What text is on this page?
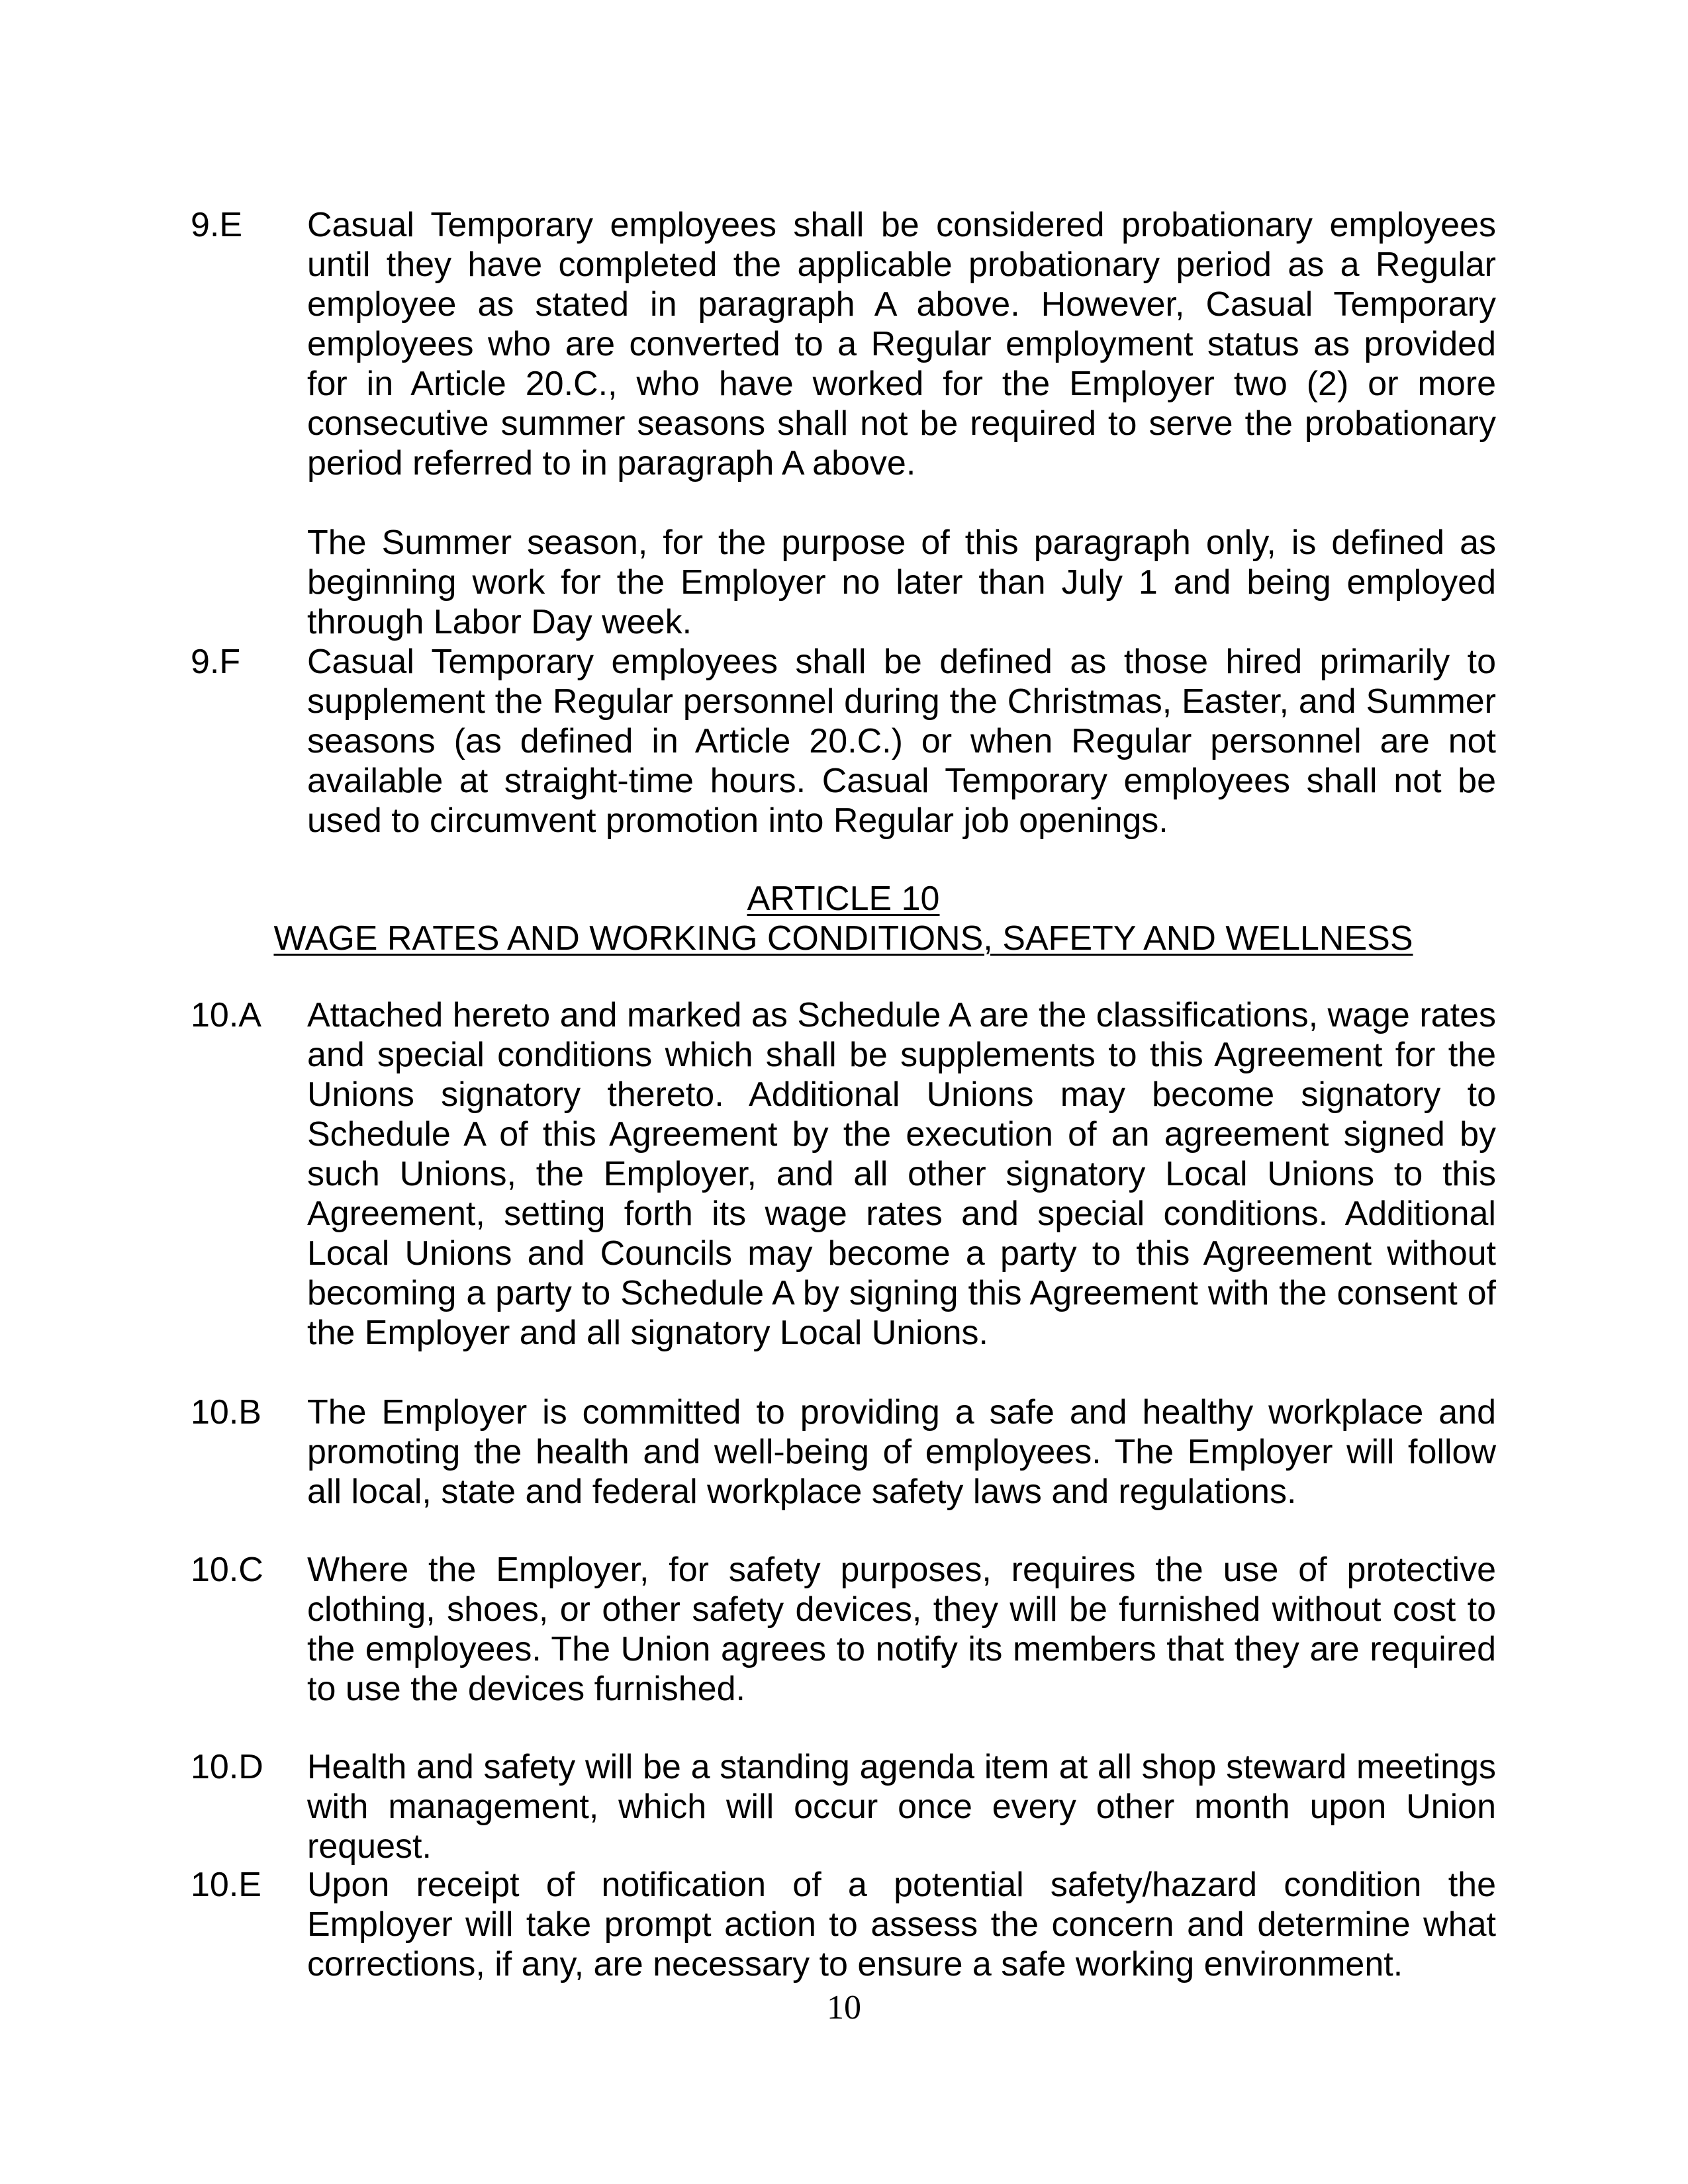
9.E	Casual Temporary employees shall be considered probationary employees until they have completed the applicable probationary period as a Regular employee as stated in paragraph A above. However, Casual Temporary employees who are converted to a Regular employment status as provided for in Article 20.C., who have worked for the Employer two (2) or more consecutive summer seasons shall not be required to serve the probationary period referred to in paragraph A above.

The Summer season, for the purpose of this paragraph only, is defined as beginning work for the Employer no later than July 1 and being employed through Labor Day week.

9.F	Casual Temporary employees shall be defined as those hired primarily to supplement the Regular personnel during the Christmas, Easter, and Summer seasons (as defined in Article 20.C.) or when Regular personnel are not available at straight-time hours. Casual Temporary employees shall not be used to circumvent promotion into Regular job openings.

ARTICLE 10
WAGE RATES AND WORKING CONDITIONS, SAFETY AND WELLNESS
10.A	Attached hereto and marked as Schedule A are the classifications, wage rates and special conditions which shall be supplements to this Agreement for the Unions signatory thereto. Additional Unions may become signatory to Schedule A of this Agreement by the execution of an agreement signed by such Unions, the Employer, and all other signatory Local Unions to this Agreement, setting forth its wage rates and special conditions. Additional Local Unions and Councils may become a party to this Agreement without becoming a party to Schedule A by signing this Agreement with the consent of the Employer and all signatory Local Unions.

10.B	The Employer is committed to providing a safe and healthy workplace and promoting the health and well-being of employees. The Employer will follow all local, state and federal workplace safety laws and regulations.

10.C	Where the Employer, for safety purposes, requires the use of protective clothing, shoes, or other safety devices, they will be furnished without cost to the employees. The Union agrees to notify its members that they are required to use the devices furnished.

10.D	Health and safety will be a standing agenda item at all shop steward meetings with management, which will occur once every other month upon Union request.

10.E	Upon receipt of notification of a potential safety/hazard condition the Employer will take prompt action to assess the concern and determine what corrections, if any, are necessary to ensure a safe working environment.

10
